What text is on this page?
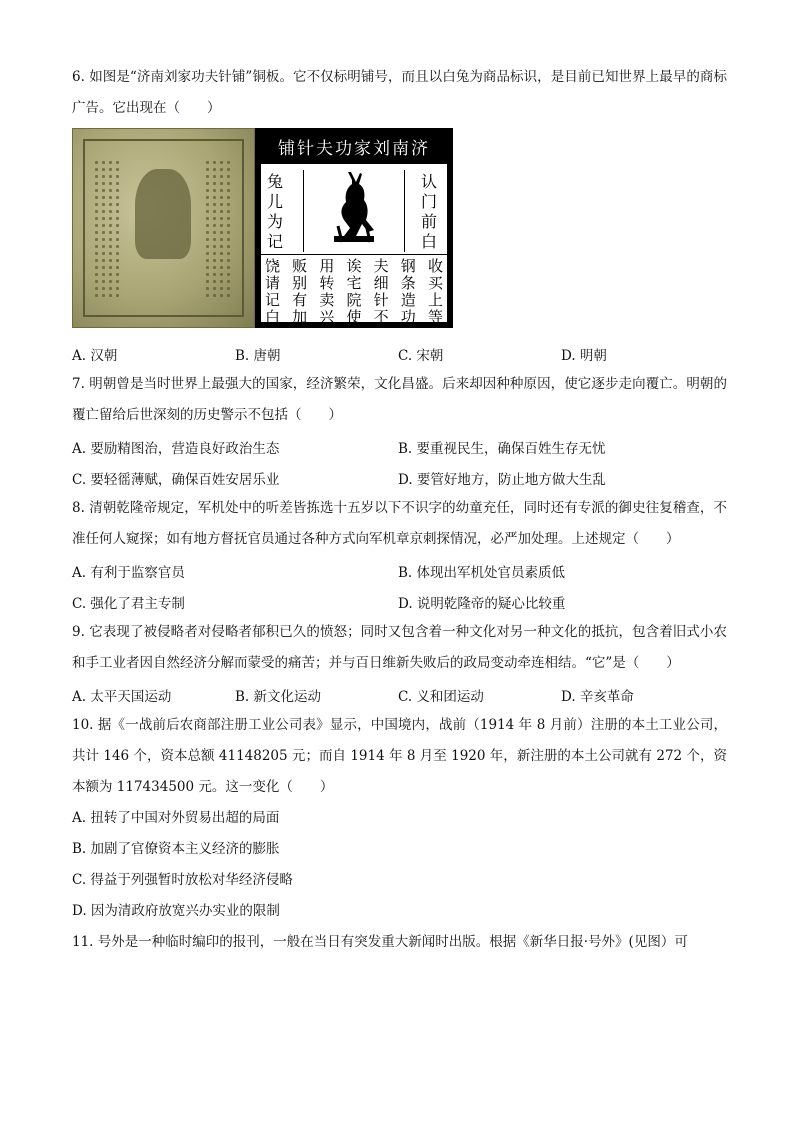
6. 如图是“济南刘家功夫针铺”铜板。它不仅标明铺号，而且以白兔为商品标识，是目前已知世界上最早的商标广告。它出现在（　　）

铺针夫功家刘南济
兔
儿
为
记
认
门
前
白
饶
请
记
白
贩
别
有
加
用
转
卖
兴
诶
宅
院
使
夫
细
针
不
钢
条
造
功
收
买
上
等
A. 汉朝	B. 唐朝	C. 宋朝	D. 明朝

7. 明朝曾是当时世界上最强大的国家，经济繁荣，文化昌盛。后来却因种种原因，使它逐步走向覆亡。明朝的覆亡留给后世深刻的历史警示不包括（　　）

A. 要励精图治，营造良好政治生态	B. 要重视民生，确保百姓生存无忧
C. 要轻徭薄赋，确保百姓安居乐业	D. 要管好地方，防止地方做大生乱

8. 清朝乾隆帝规定，军机处中的听差皆拣选十五岁以下不识字的幼童充任，同时还有专派的御史往复稽查，不准任何人窥探；如有地方督抚官员通过各种方式向军机章京刺探情况，必严加处理。上述规定（　　）

A. 有利于监察官员	B. 体现出军机处官员素质低
C. 强化了君主专制	D. 说明乾隆帝的疑心比较重

9. 它表现了被侵略者对侵略者郁积已久的愤怒；同时又包含着一种文化对另一种文化的抵抗，包含着旧式小农和手工业者因自然经济分解而蒙受的痛苦；并与百日维新失败后的政局变动牵连相结。“它”是（　　）

A. 太平天国运动	B. 新文化运动	C. 义和团运动	D. 辛亥革命

10. 据《一战前后农商部注册工业公司表》显示，中国境内，战前（1914 年 8 月前）注册的本土工业公司，共计 146 个，资本总额 41148205 元；而自 1914 年 8 月至 1920 年，新注册的本土公司就有 272 个，资本额为 117434500 元。这一变化（　　）

A. 扭转了中国对外贸易出超的局面
B. 加剧了官僚资本主义经济的膨胀
C. 得益于列强暂时放松对华经济侵略
D. 因为清政府放宽兴办实业的限制

11. 号外是一种临时编印的报刊，一般在当日有突发重大新闻时出版。根据《新华日报·号外》(见图）可
